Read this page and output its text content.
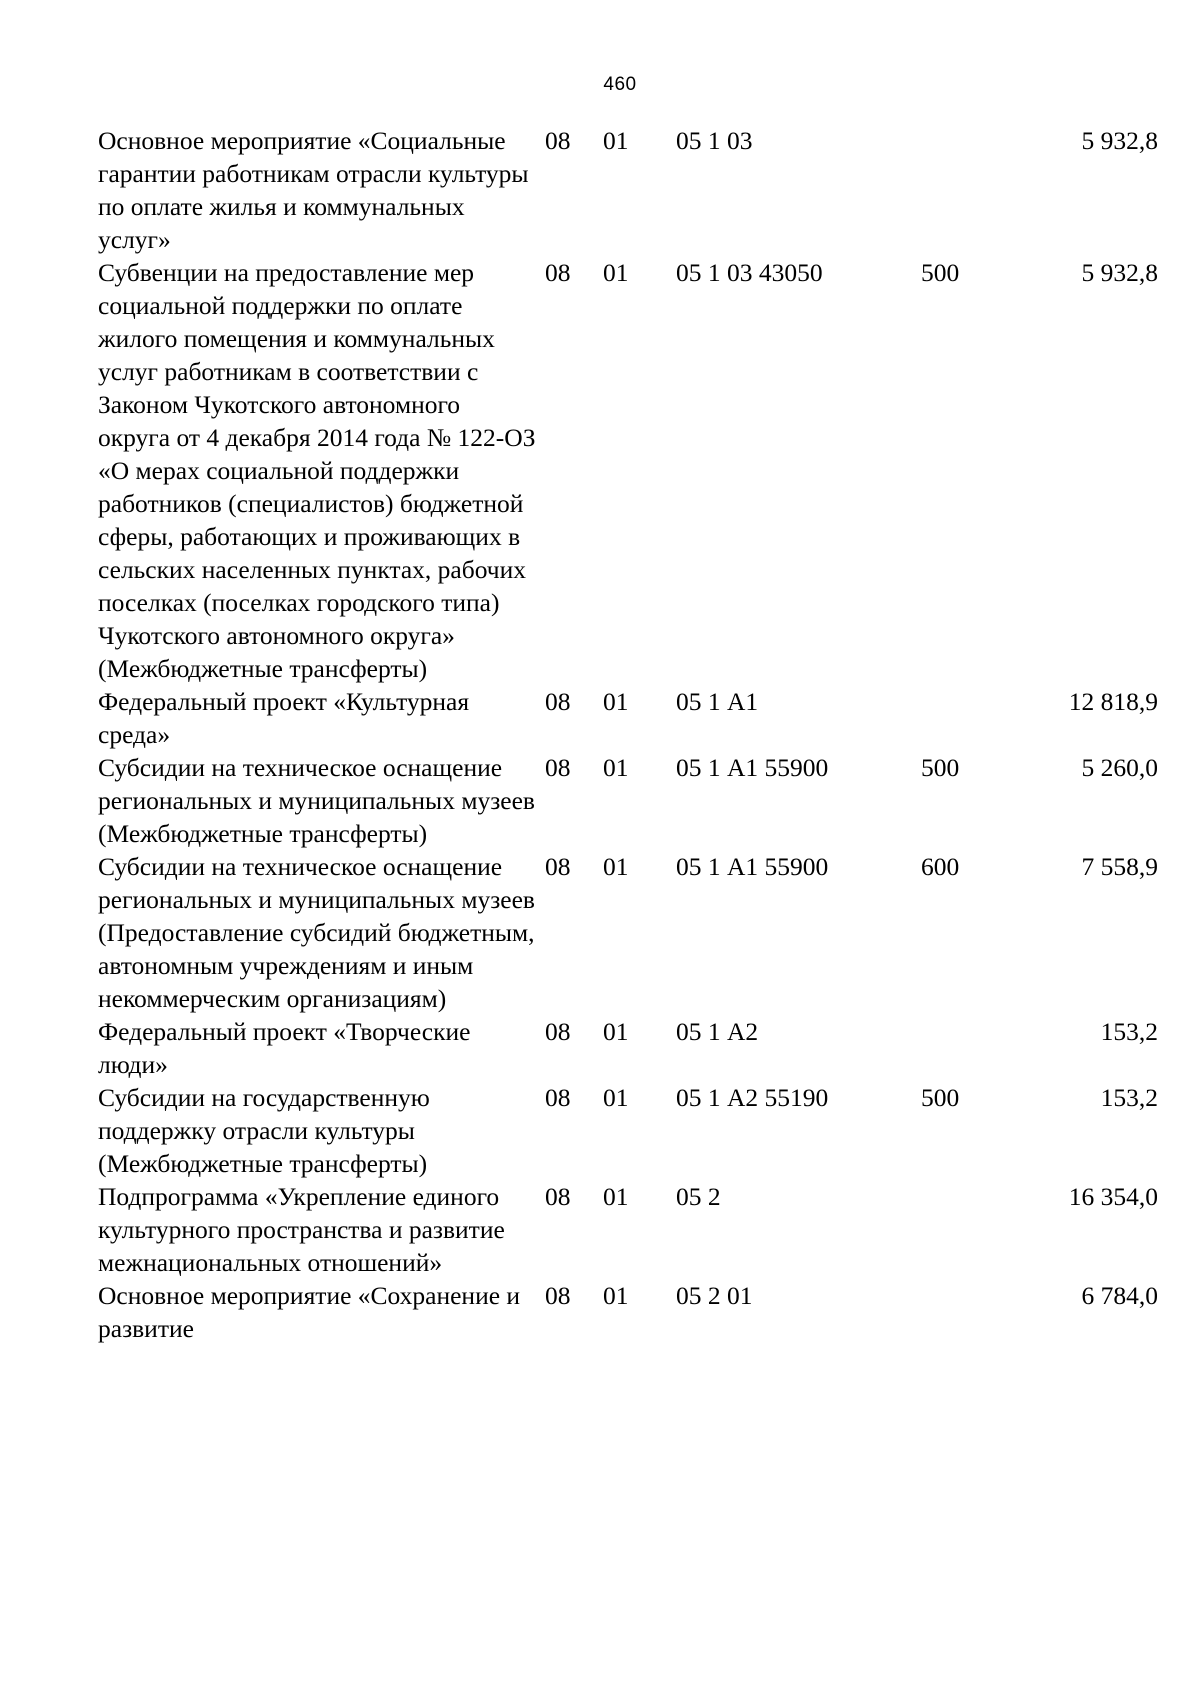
460
Основное мероприятие «Социальные гарантии работникам отрасли культуры по оплате жилья и коммунальных услуг»	08	01	05 1 03		5 932,8
Субвенции на предоставление мер социальной поддержки по оплате жилого помещения и коммунальных услуг работникам в соответствии с Законом Чукотского автономного округа от 4 декабря 2014 года № 122-ОЗ «О мерах социальной поддержки работников (специалистов) бюджетной сферы, работающих и проживающих в сельских населенных пунктах, рабочих поселках (поселках городского типа) Чукотского автономного округа» (Межбюджетные трансферты)	08	01	05 1 03 43050	500	5 932,8
Федеральный проект «Культурная среда»	08	01	05 1 А1		12 818,9
Субсидии на техническое оснащение региональных и муниципальных музеев (Межбюджетные трансферты)	08	01	05 1 А1 55900	500	5 260,0
Субсидии на техническое оснащение региональных и муниципальных музеев (Предоставление субсидий бюджетным, автономным учреждениям и иным некоммерческим организациям)	08	01	05 1 А1 55900	600	7 558,9
Федеральный проект «Творческие люди»	08	01	05 1 А2		153,2
Субсидии на государственную поддержку отрасли культуры (Межбюджетные трансферты)	08	01	05 1 А2 55190	500	153,2
Подпрограмма «Укрепление единого культурного пространства и развитие межнациональных отношений»	08	01	05 2		16 354,0
Основное мероприятие «Сохранение и развитие	08	01	05 2 01		6 784,0
